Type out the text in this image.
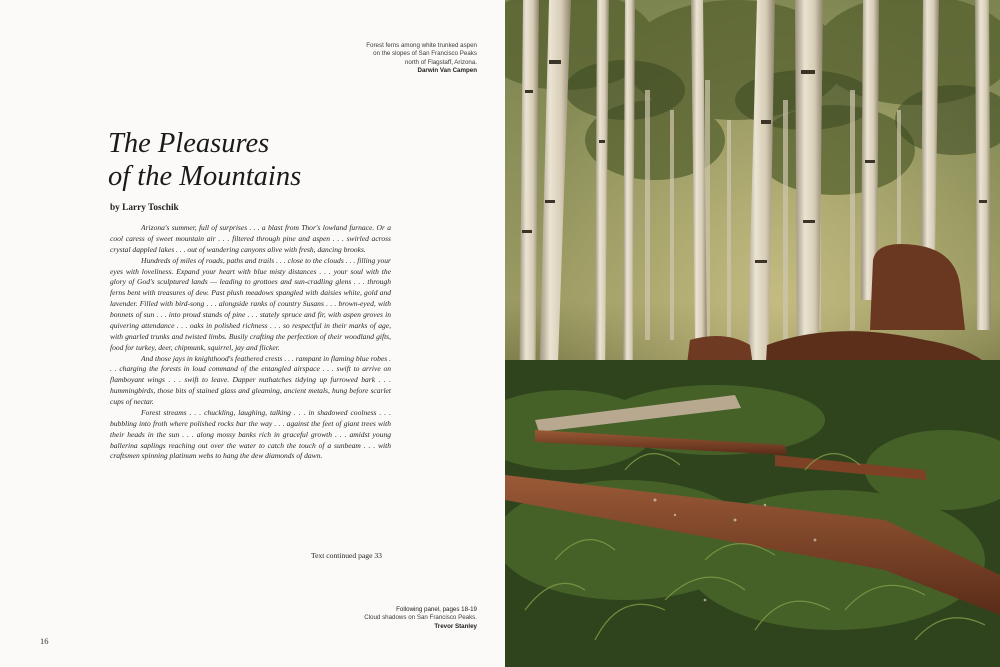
Forest ferns among white trunked aspen
on the slopes of San Francisco Peaks
north of Flagstaff, Arizona.
Darwin Van Campen
The Pleasures
of the Mountains
by Larry Toschik

Arizona's summer, full of surprises . . . a blast from Thor's lowland furnace. Or a cool caress of sweet mountain air . . . filtered through pine and aspen . . . swirled across crystal dappled lakes . . . out of wandering canyons alive with fresh, dancing brooks.

Hundreds of miles of roads, paths and trails . . . close to the clouds . . . filling your eyes with loveliness. Expand your heart with blue misty distances . . . your soul with the glory of God's sculptured lands — leading to grottoes and sun-cradling glens . . . through ferns bent with treasures of dew. Past plush meadows spangled with daisies white, gold and lavender. Filled with bird-song . . . alongside ranks of country Susans . . . brown-eyed, with bonnets of sun . . . into proud stands of pine . . . stately spruce and fir, with aspen groves in quivering attendance . . . oaks in polished richness . . . so respectful in their marks of age, with gnarled trunks and twisted limbs. Busily crafting the perfection of their woodland gifts, food for turkey, deer, chipmunk, squirrel, jay and flicker.

And those jays in knighthood's feathered crests . . . rampant in flaming blue robes . . . charging the forests in loud command of the entangled airspace . . . swift to arrive on flamboyant wings . . . swift to leave. Dapper nuthatches tidying up furrowed bark . . . hummingbirds, those bits of stained glass and gleaming, ancient metals, hung before scarlet cups of nectar.

Forest streams . . . chuckling, laughing, talking . . . in shadowed coolness . . . bubbling into froth where polished rocks bar the way . . . against the feet of giant trees with their heads in the sun . . . along mossy banks rich in graceful growth . . . amidst young ballerina saplings reaching out over the water to catch the touch of a sunbeam . . . with craftsmen spinning platinum webs to hang the dew diamonds of dawn.

Text continued page 33
Following panel, pages 18-19
Cloud shadows on San Francisco Peaks.
Trevor Stanley
16
